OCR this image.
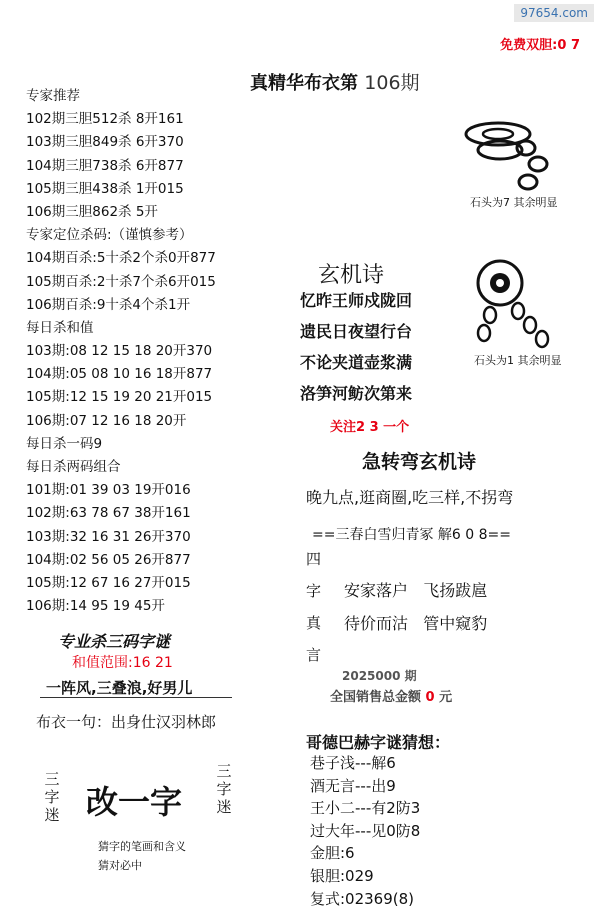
97654.com
免费双胆:0 7
真精华布衣第 106期
专家推荐
102期三胆512杀 8开161
103期三胆849杀 6开370
104期三胆738杀 6开877
105期三胆438杀 1开015
106期三胆862杀 5开
专家定位杀码:（谨慎参考）
104期百杀:5十杀2个杀0开877
105期百杀:2十杀7个杀6开015
106期百杀:9十杀4个杀1开
每日杀和值
103期:08 12 15 18 20开370
104期:05 08 10 16 18开877
105期:12 15 19 20 21开015
106期:07 12 16 18 20开
每日杀一码9
每日杀两码组合
101期:01 39 03 19开016
102期:63 78 67 38开161
103期:32 16 31 26开370
104期:02 56 05 26开877
105期:12 67 16 27开015
106期:14 95 19 45开
专业杀三码字谜
和值范围:16 21
一阵风,三叠浪,好男儿
布衣一句：出身仕汉羽林郎
三字迷 改一字
三字迷
猜字的笔画和含义
猜对必中
石头为7 其余明显
石头为1 其余明显
玄机诗
忆昨王师戍陇回
遗民日夜望行台
不论夹道壶浆满
洛笋河鲂次第来
关注2 3 一个
急转弯玄机诗
晚九点,逛商圈,吃三样,不拐弯
==三春白雪归青冢 解6 0 8==
四
字
真
言
安家落户 飞扬跋扈
待价而沽 管中窥豹
2025000 期
全国销售总金额 0 元
哥德巴赫字谜猜想：
巷子浅---解6
酒无言---出9
王小二---有2防3
过大年---见0防8
金胆:6
银胆:029
复式:02369(8)
